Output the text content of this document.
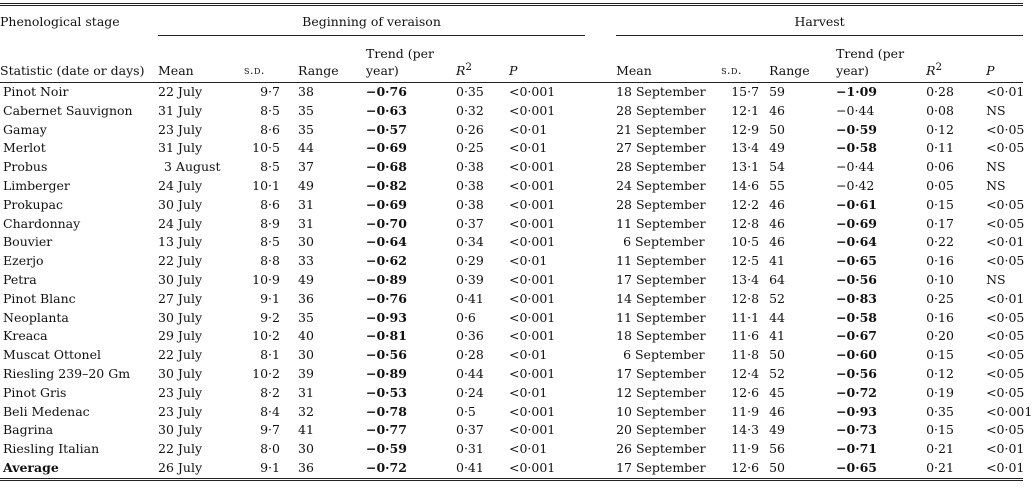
Phenological stage	Beginning of veraison							Harvest					

Statistic (date or days)	Mean	s.d.	Range	Trend (per year)	$R^2$	P		Mean	s.d.	Range	Trend (per year)	$R^2$	P
Pinot Noir	22 July	9·7	38	−0·76	0·35	<0·001		18 September	15·7	59	−1·09	0·28	<0·01
Cabernet Sauvignon	31 July	8·5	35	−0·63	0·32	<0·001		28 September	12·1	46	−0·44	0·08	NS
Gamay	23 July	8·6	35	−0·57	0·26	<0·01		21 September	12·9	50	−0·59	0·12	<0·05
Merlot	31 July	10·5	44	−0·69	0·25	<0·01		27 September	13·4	49	−0·58	0·11	<0·05
Probus	3 August	8·5	37	−0·68	0·38	<0·001		28 September	13·1	54	−0·44	0·06	NS
Limberger	24 July	10·1	49	−0·82	0·38	<0·001		24 September	14·6	55	−0·42	0·05	NS
Prokupac	30 July	8·6	31	−0·69	0·38	<0·001		28 September	12·2	46	−0·61	0·15	<0·05
Chardonnay	24 July	8·9	31	−0·70	0·37	<0·001		11 September	12·8	46	−0·69	0·17	<0·05
Bouvier	13 July	8·5	30	−0·64	0·34	<0·001		6 September	10·5	46	−0·64	0·22	<0·01
Ezerjo	22 July	8·8	33	−0·62	0·29	<0·01		11 September	12·5	41	−0·65	0·16	<0·05
Petra	30 July	10·9	49	−0·89	0·39	<0·001		17 September	13·4	64	−0·56	0·10	NS
Pinot Blanc	27 July	9·1	36	−0·76	0·41	<0·001		14 September	12·8	52	−0·83	0·25	<0·01
Neoplanta	30 July	9·2	35	−0·93	0·6	<0·001		11 September	11·1	44	−0·58	0·16	<0·05
Kreaca	29 July	10·2	40	−0·81	0·36	<0·001		18 September	11·6	41	−0·67	0·20	<0·05
Muscat Ottonel	22 July	8·1	30	−0·56	0·28	<0·01		6 September	11·8	50	−0·60	0·15	<0·05
Riesling 239–20 Gm	30 July	10·2	39	−0·89	0·44	<0·001		17 September	12·4	52	−0·56	0·12	<0·05
Pinot Gris	23 July	8·2	31	−0·53	0·24	<0·01		12 September	12·6	45	−0·72	0·19	<0·05
Beli Medenac	23 July	8·4	32	−0·78	0·5	<0·001		10 September	11·9	46	−0·93	0·35	<0·001
Bagrina	30 July	9·7	41	−0·77	0·37	<0·001		20 September	14·3	49	−0·73	0·15	<0·05
Riesling Italian	22 July	8·0	30	−0·59	0·31	<0·01		26 September	11·9	56	−0·71	0·21	<0·01
Average	26 July	9·1	36	−0·72	0·41	<0·001		17 September	12·6	50	−0·65	0·21	<0·01
